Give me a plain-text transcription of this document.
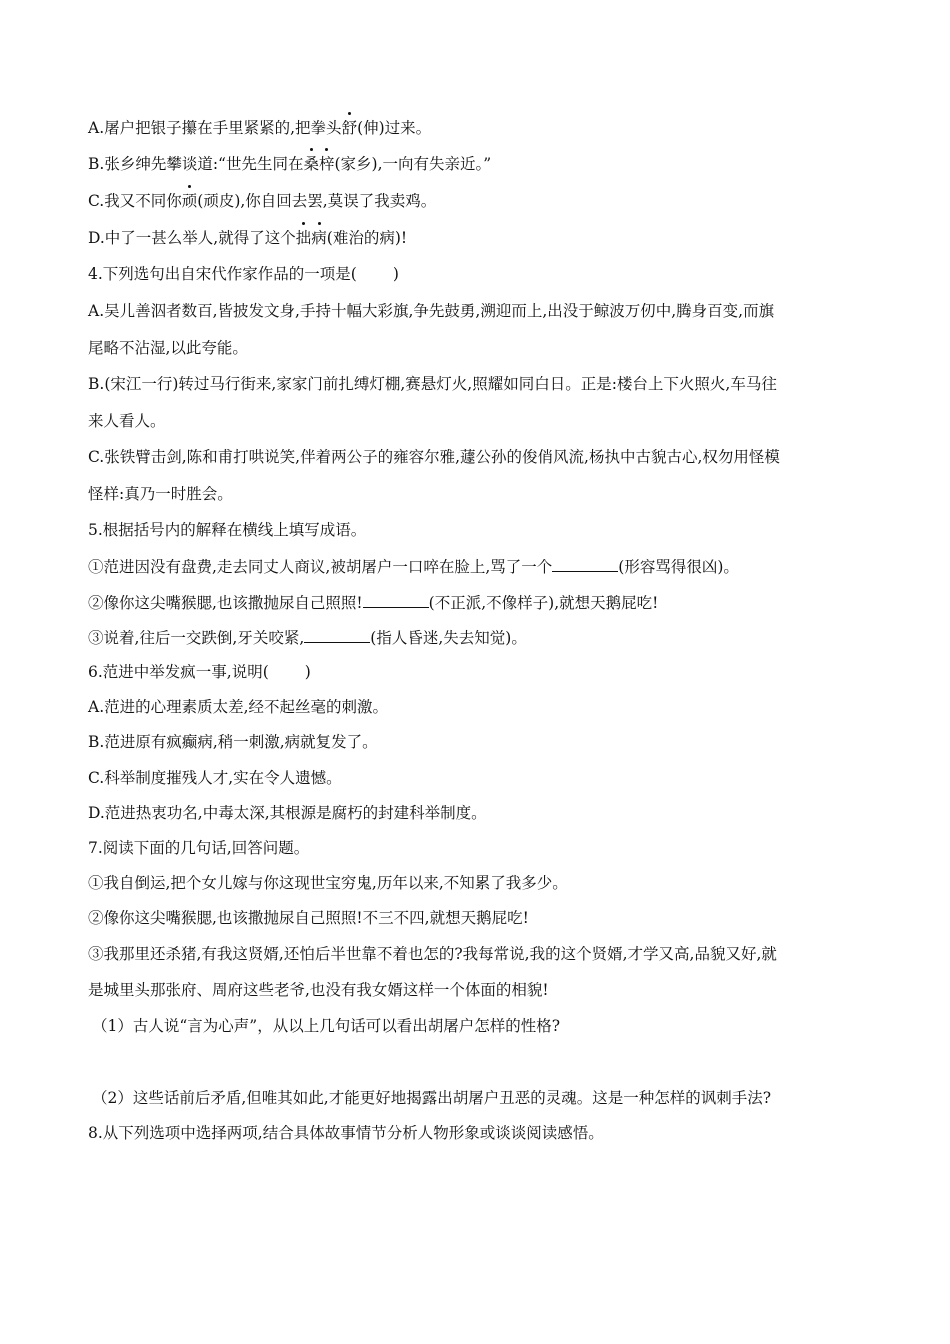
A.屠户把银子攥在手里紧紧的,把拳头舒(伸)过来。
B.张乡绅先攀谈道:“世先生同在桑梓(家乡),一向有失亲近。”
C.我又不同你顽(顽皮),你自回去罢,莫误了我卖鸡。
D.中了一甚么举人,就得了这个拙病(难治的病)!
4.下列选句出自宋代作家作品的一项是( )
A.吴儿善泅者数百,皆披发文身,手持十幅大彩旗,争先鼓勇,溯迎而上,出没于鲸波万仞中,腾身百变,而旗
尾略不沾湿,以此夸能。
B.(宋江一行)转过马行街来,家家门前扎缚灯棚,赛悬灯火,照耀如同白日。正是:楼台上下火照火,车马往
来人看人。
C.张铁臂击剑,陈和甫打哄说笑,伴着两公子的雍容尔雅,蘧公孙的俊俏风流,杨执中古貌古心,权勿用怪模
怪样:真乃一时胜会。
5.根据括号内的解释在横线上填写成语。
①范进因没有盘费,走去同丈人商议,被胡屠户一口啐在脸上,骂了一个	(形容骂得很凶)。
②像你这尖嘴猴腮,也该撒抛尿自己照照!	(不正派,不像样子),就想天鹅屁吃!
③说着,往后一交跌倒,牙关咬紧,	(指人昏迷,失去知觉)。
6.范进中举发疯一事,说明( )
A.范进的心理素质太差,经不起丝毫的刺激。
B.范进原有疯癫病,稍一刺激,病就复发了。
C.科举制度摧残人才,实在令人遗憾。
D.范进热衷功名,中毒太深,其根源是腐朽的封建科举制度。
7.阅读下面的几句话,回答问题。
①我自倒运,把个女儿嫁与你这现世宝穷鬼,历年以来,不知累了我多少。
②像你这尖嘴猴腮,也该撒抛尿自己照照!不三不四,就想天鹅屁吃!
③我那里还杀猪,有我这贤婿,还怕后半世靠不着也怎的?我每常说,我的这个贤婿,才学又高,品貌又好,就
是城里头那张府、周府这些老爷,也没有我女婿这样一个体面的相貌!
（1）古人说“言为心声”，从以上几句话可以看出胡屠户怎样的性格?
（2）这些话前后矛盾,但唯其如此,才能更好地揭露出胡屠户丑恶的灵魂。这是一种怎样的讽刺手法?
8.从下列选项中选择两项,结合具体故事情节分析人物形象或谈谈阅读感悟。
